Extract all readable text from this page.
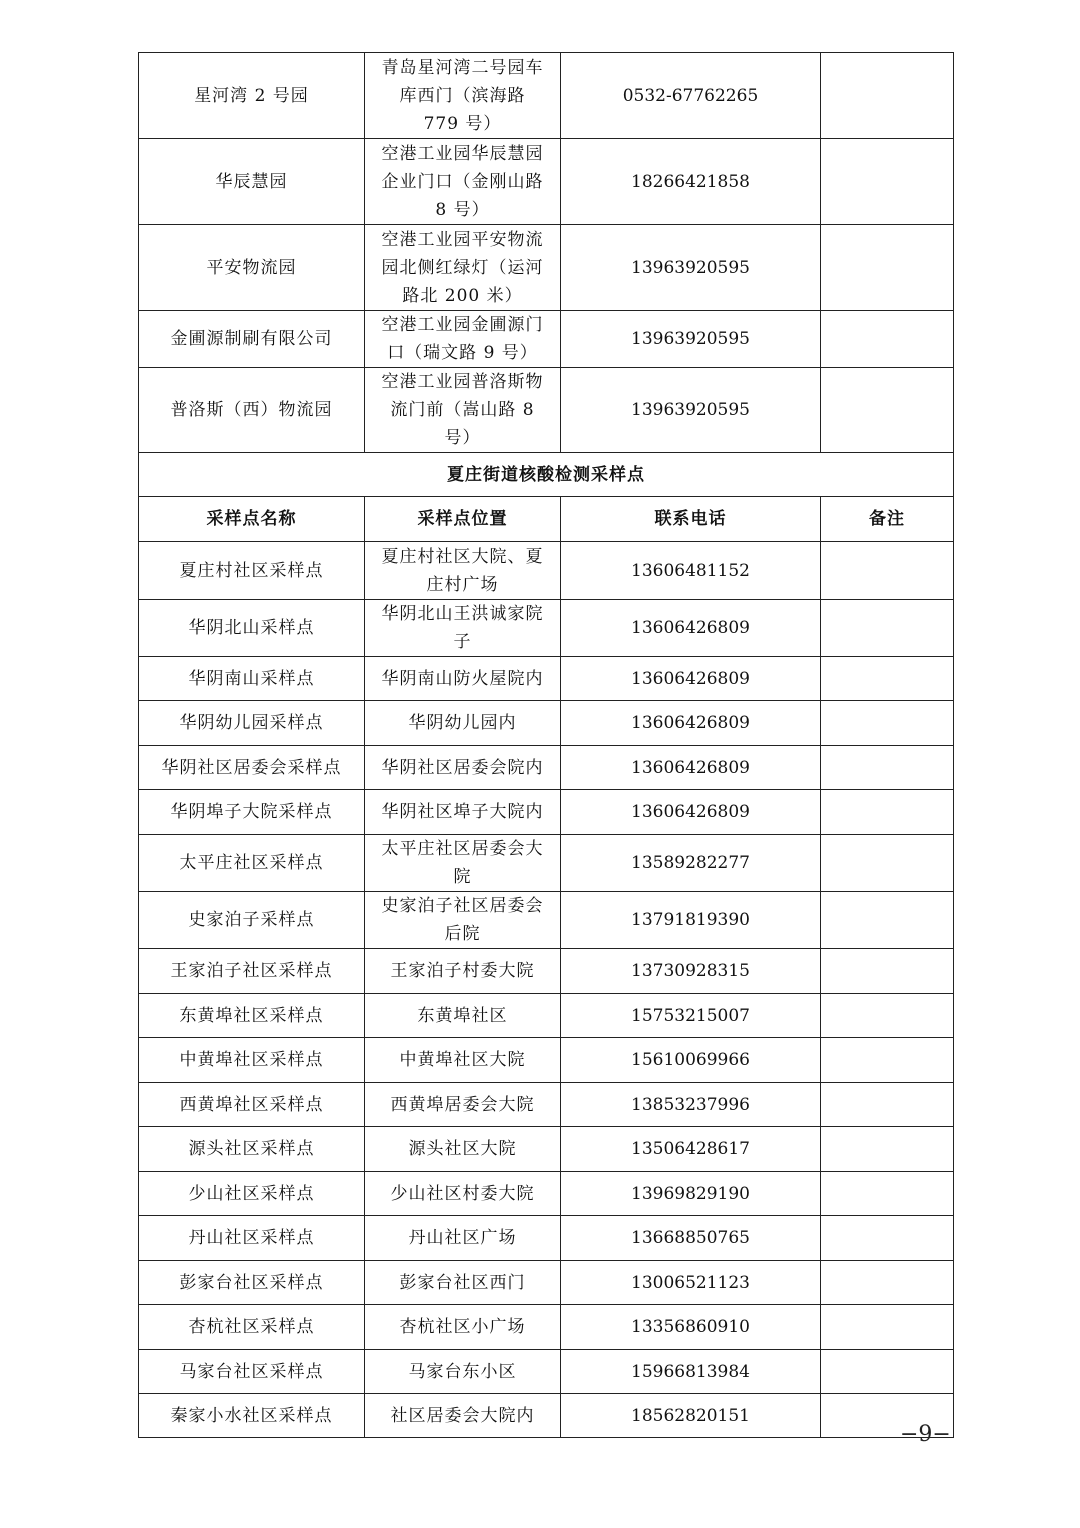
星河湾 2 号园	青岛星河湾二号园车库西门（滨海路 779 号）	0532-67762265	
华辰慧园	空港工业园华辰慧园企业门口（金刚山路 8 号）	18266421858	
平安物流园	空港工业园平安物流园北侧红绿灯（运河路北 200 米）	13963920595	
金圃源制刷有限公司	空港工业园金圃源门口（瑞文路 9 号）	13963920595	
普洛斯（西）物流园	空港工业园普洛斯物流门前（嵩山路 8 号）	13963920595	
夏庄街道核酸检测采样点			
采样点名称	采样点位置	联系电话	备注
夏庄村社区采样点	夏庄村社区大院、夏庄村广场	13606481152	
华阴北山采样点	华阴北山王洪诚家院子	13606426809	
华阴南山采样点	华阴南山防火屋院内	13606426809	
华阴幼儿园采样点	华阴幼儿园内	13606426809	
华阴社区居委会采样点	华阴社区居委会院内	13606426809	
华阴埠子大院采样点	华阴社区埠子大院内	13606426809	
太平庄社区采样点	太平庄社区居委会大院	13589282277	
史家泊子采样点	史家泊子社区居委会后院	13791819390	
王家泊子社区采样点	王家泊子村委大院	13730928315	
东黄埠社区采样点	东黄埠社区	15753215007	
中黄埠社区采样点	中黄埠社区大院	15610069966	
西黄埠社区采样点	西黄埠居委会大院	13853237996	
源头社区采样点	源头社区大院	13506428617	
少山社区采样点	少山社区村委大院	13969829190	
丹山社区采样点	丹山社区广场	13668850765	
彭家台社区采样点	彭家台社区西门	13006521123	
杏杭社区采样点	杏杭社区小广场	13356860910	
马家台社区采样点	马家台东小区	15966813984	
秦家小水社区采样点	社区居委会大院内	18562820151	
−9−
